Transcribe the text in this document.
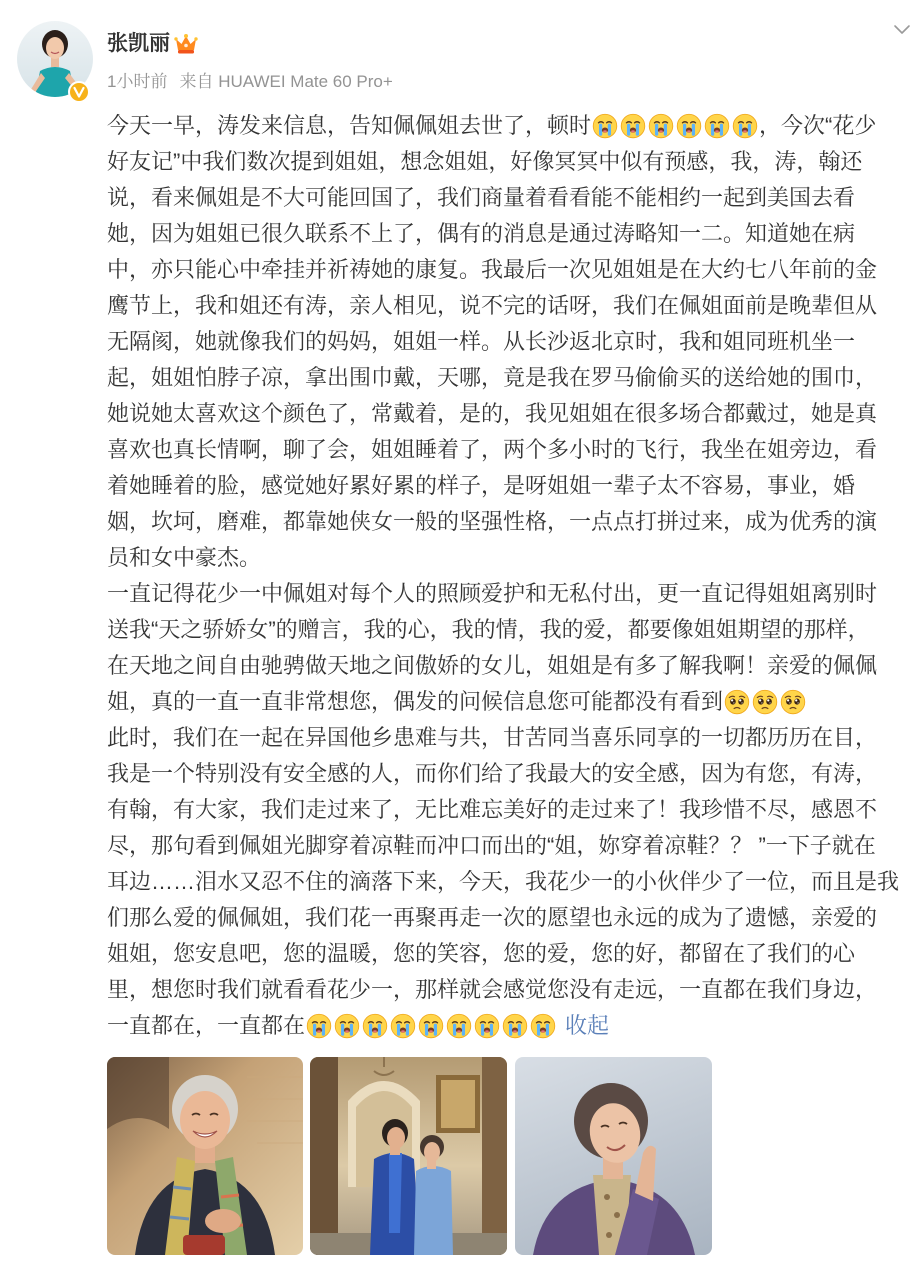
张凯丽
1小时前 来自 HUAWEI Mate 60 Pro+
今天一早，涛发来信息，告知佩佩姐去世了，顿时	，今次“花少
好友记”中我们数次提到姐姐，想念姐姐，好像冥冥中似有预感，我，涛，翰还
说，看来佩姐是不大可能回国了，我们商量着看看能不能相约一起到美国去看
她，因为姐姐已很久联系不上了，偶有的消息是通过涛略知一二。知道她在病
中，亦只能心中牵挂并祈祷她的康复。我最后一次见姐姐是在大约七八年前的金
鹰节上，我和姐还有涛，亲人相见，说不完的话呀，我们在佩姐面前是晚辈但从
无隔阂，她就像我们的妈妈，姐姐一样。从长沙返北京时，我和姐同班机坐一
起，姐姐怕脖子凉，拿出围巾戴，天哪，竟是我在罗马偷偷买的送给她的围巾，
她说她太喜欢这个颜色了，常戴着，是的，我见姐姐在很多场合都戴过，她是真
喜欢也真长情啊，聊了会，姐姐睡着了，两个多小时的飞行，我坐在姐旁边，看
着她睡着的脸，感觉她好累好累的样子，是呀姐姐一辈子太不容易，事业，婚
姻，坎坷，磨难，都靠她侠女一般的坚强性格，一点点打拼过来，成为优秀的演
员和女中豪杰。
一直记得花少一中佩姐对每个人的照顾爱护和无私付出，更一直记得姐姐离别时
送我“天之骄娇女”的赠言，我的心，我的情，我的爱，都要像姐姐期望的那样，
在天地之间自由驰骋做天地之间傲娇的女儿，姐姐是有多了解我啊！亲爱的佩佩
姐，真的一直一直非常想您，偶发的问候信息您可能都没有看到
此时，我们在一起在异国他乡患难与共，甘苦同当喜乐同享的一切都历历在目，
我是一个特别没有安全感的人，而你们给了我最大的安全感，因为有您，有涛，
有翰，有大家，我们走过来了，无比难忘美好的走过来了！我珍惜不尽，感恩不
尽，那句看到佩姐光脚穿着凉鞋而冲口而出的“姐，妳穿着凉鞋？？ ”一下子就在
耳边……泪水又忍不住的滴落下来，今天，我花少一的小伙伴少了一位，而且是我
们那么爱的佩佩姐，我们花一再聚再走一次的愿望也永远的成为了遗憾，亲爱的
姐姐，您安息吧，您的温暖，您的笑容，您的爱，您的好，都留在了我们的心
里，想您时我们就看看花少一，那样就会感觉您没有走远，一直都在我们身边，
一直都在，一直都在	收起
